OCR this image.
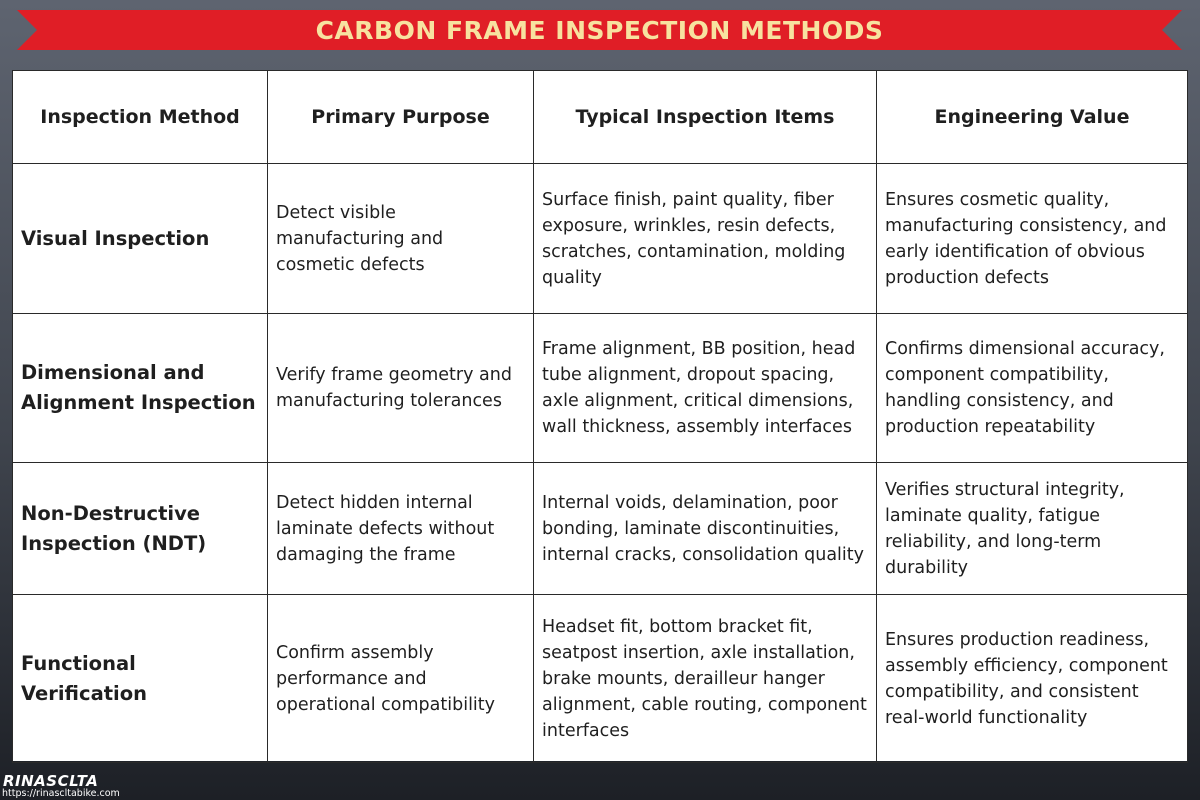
CARBON FRAME INSPECTION METHODS
Inspection Method	Primary Purpose	Typical Inspection Items	Engineering Value
Visual Inspection	Detect visible manufacturing and cosmetic defects	Surface finish, paint quality, fiber exposure, wrinkles, resin defects, scratches, contamination, molding quality	Ensures cosmetic quality, manufacturing consistency, and early identification of obvious production defects
Dimensional and Alignment Inspection	Verify frame geometry and manufacturing tolerances	Frame alignment, BB position, head tube alignment, dropout spacing, axle alignment, critical dimensions, wall thickness, assembly interfaces	Confirms dimensional accuracy, component compatibility, handling consistency, and production repeatability
Non-Destructive Inspection (NDT)	Detect hidden internal laminate defects without damaging the frame	Internal voids, delamination, poor bonding, laminate discontinuities, internal cracks, consolidation quality	Verifies structural integrity, laminate quality, fatigue reliability, and long-term durability
Functional Verification	Confirm assembly performance and operational compatibility	Headset fit, bottom bracket fit, seatpost insertion, axle installation, brake mounts, derailleur hanger alignment, cable routing, component interfaces	Ensures production readiness, assembly efficiency, component compatibility, and consistent real-world functionality
RINASCLTA
https://rinascltabike.com
